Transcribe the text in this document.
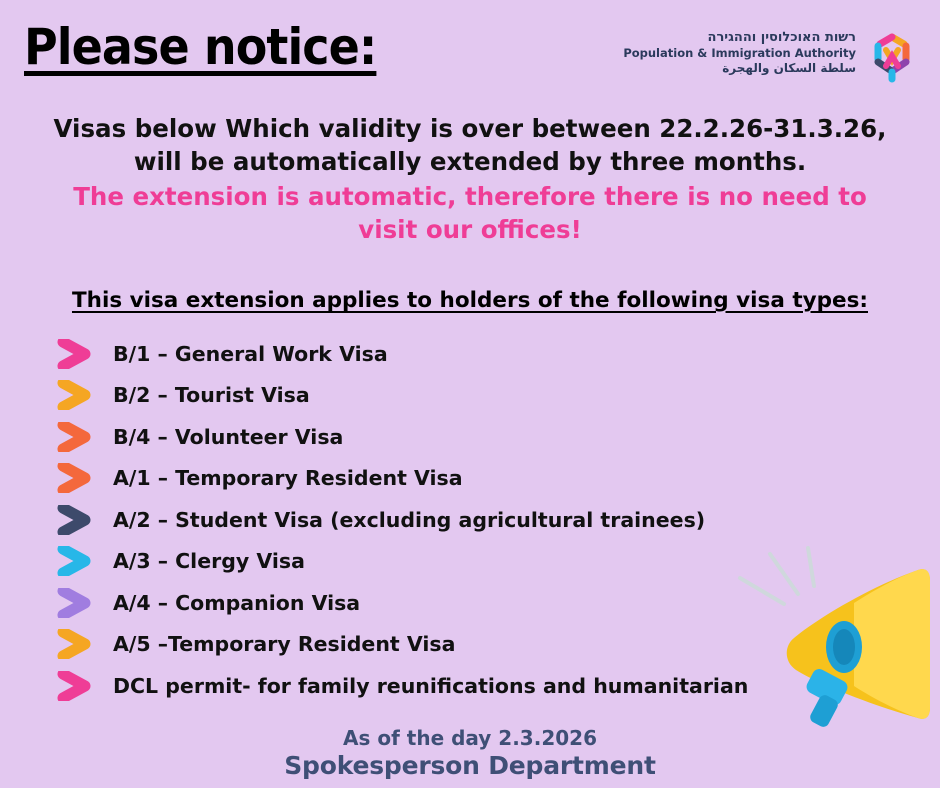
Please notice:	רשות האוכלוסין וההגירה
Population & Immigration Authority
سلطة السكان والهجرة
Visas below Which validity is over between 22.2.26-31.3.26, will be automatically extended by three months.
The extension is automatic, therefore there is no need to visit our offices!
This visa extension applies to holders of the following visa types:
B/1 – General Work Visa
B/2 – Tourist Visa
B/4 – Volunteer Visa
A/1 – Temporary Resident Visa
A/2 – Student Visa (excluding agricultural trainees)
A/3 – Clergy Visa
A/4 – Companion Visa
A/5 –Temporary Resident Visa
DCL permit- for family reunifications and humanitarian
As of the day 2.3.2026
Spokesperson Department
